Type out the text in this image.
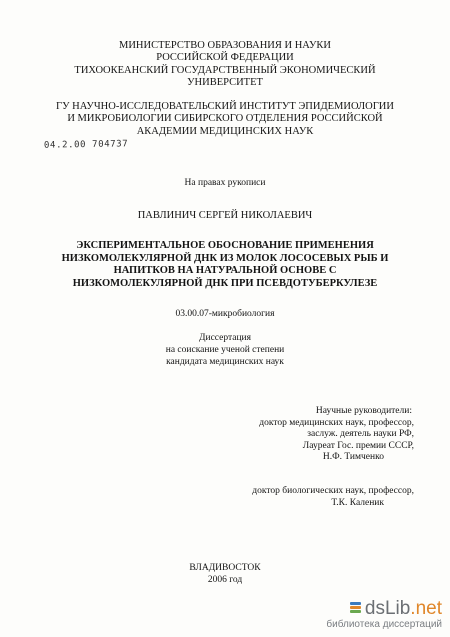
МИНИСТЕРСТВО ОБРАЗОВАНИЯ И НАУКИ
РОССИЙСКОЙ ФЕДЕРАЦИИ
ТИХООКЕАНСКИЙ ГОСУДАРСТВЕННЫЙ ЭКОНОМИЧЕСКИЙ
УНИВЕРСИТЕТ
ГУ НАУЧНО-ИССЛЕДОВАТЕЛЬСКИЙ ИНСТИТУТ ЭПИДЕМИОЛОГИИ
И МИКРОБИОЛОГИИ СИБИРСКОГО ОТДЕЛЕНИЯ РОССИЙСКОЙ
АКАДЕМИИ МЕДИЦИНСКИХ НАУК
04.2.00 704737
На правах рукописи
ПАВЛИНИЧ СЕРГЕЙ НИКОЛАЕВИЧ
ЭКСПЕРИМЕНТАЛЬНОЕ ОБОСНОВАНИЕ ПРИМЕНЕНИЯ
НИЗКОМОЛЕКУЛЯРНОЙ ДНК ИЗ МОЛОК ЛОСОСЕВЫХ РЫБ И
НАПИТКОВ НА НАТУРАЛЬНОЙ ОСНОВЕ С
НИЗКОМОЛЕКУЛЯРНОЙ ДНК ПРИ ПСЕВДОТУБЕРКУЛЕЗЕ
03.00.07-микробиология
Диссертация
на соискание ученой степени
кандидата медицинских наук
Научные руководители:
доктор медицинских наук, профессор,
заслуж. деятель науки РФ,
Лауреат Гос. премии СССР,
Н.Ф. Тимченко
доктор биологических наук, профессор,
Т.К. Каленик
ВЛАДИВОСТОК
2006 год
dsLib.net
библиотека диссертаций
